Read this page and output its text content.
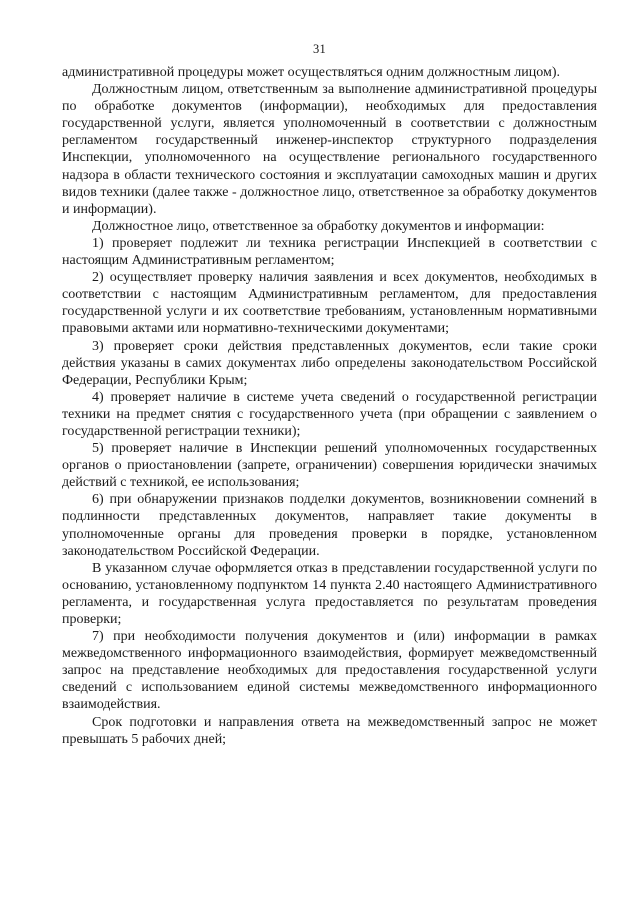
31

административной процедуры может осуществляться одним должностным лицом).

Должностным лицом, ответственным за выполнение административной процедуры по обработке документов (информации), необходимых для предоставления государственной услуги, является уполномоченный в соответствии с должностным регламентом государственный инженер-инспектор структурного подразделения Инспекции, уполномоченного на осуществление регионального государственного надзора в области технического состояния и эксплуатации самоходных машин и других видов техники (далее также - должностное лицо, ответственное за обработку документов и информации).

Должностное лицо, ответственное за обработку документов и информации:

1) проверяет подлежит ли техника регистрации Инспекцией в соответствии с настоящим Административным регламентом;

2) осуществляет проверку наличия заявления и всех документов, необходимых в соответствии с настоящим Административным регламентом, для предоставления государственной услуги и их соответствие требованиям, установленным нормативными правовыми актами или нормативно-техническими документами;

3) проверяет сроки действия представленных документов, если такие сроки действия указаны в самих документах либо определены законодательством Российской Федерации, Республики Крым;

4) проверяет наличие в системе учета сведений о государственной регистрации техники на предмет снятия с государственного учета (при обращении с заявлением о государственной регистрации техники);

5) проверяет наличие в Инспекции решений уполномоченных государственных органов о приостановлении (запрете, ограничении) совершения юридически значимых действий с техникой, ее использования;

6) при обнаружении признаков подделки документов, возникновении сомнений в подлинности представленных документов, направляет такие документы в уполномоченные органы для проведения проверки в порядке, установленном законодательством Российской Федерации.

В указанном случае оформляется отказ в представлении государственной услуги по основанию, установленному подпунктом 14 пункта 2.40 настоящего Административного регламента, и государственная услуга предоставляется по результатам проведения проверки;

7) при необходимости получения документов и (или) информации в рамках межведомственного информационного взаимодействия, формирует межведомственный запрос на представление необходимых для предоставления государственной услуги сведений с использованием единой системы межведомственного информационного взаимодействия.

Срок подготовки и направления ответа на межведомственный запрос не может превышать 5 рабочих дней;
